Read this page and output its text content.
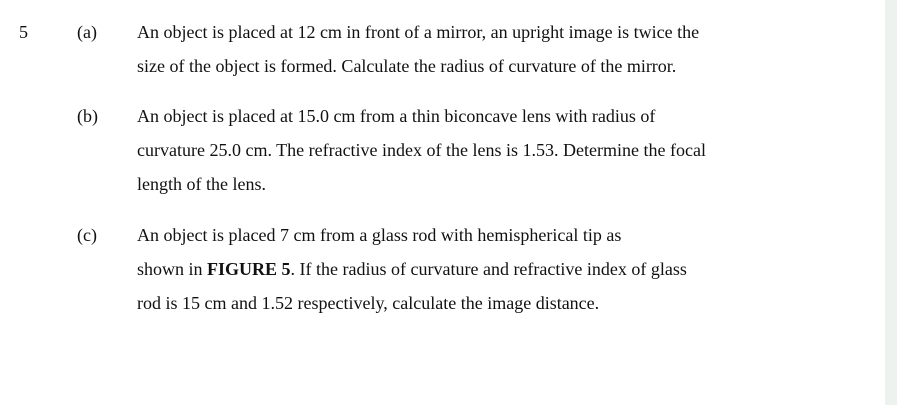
5	(a) An object is placed at 12 cm in front of a mirror, an upright image is twice the
size of the object is formed. Calculate the radius of curvature of the mirror.
(b) An object is placed at 15.0 cm from a thin biconcave lens with radius of
curvature 25.0 cm. The refractive index of the lens is 1.53. Determine the focal
length of the lens.
(c) An object is placed 7 cm from a glass rod with hemispherical tip as
shown in FIGURE 5. If the radius of curvature and refractive index of glass
rod is 15 cm and 1.52 respectively, calculate the image distance.
